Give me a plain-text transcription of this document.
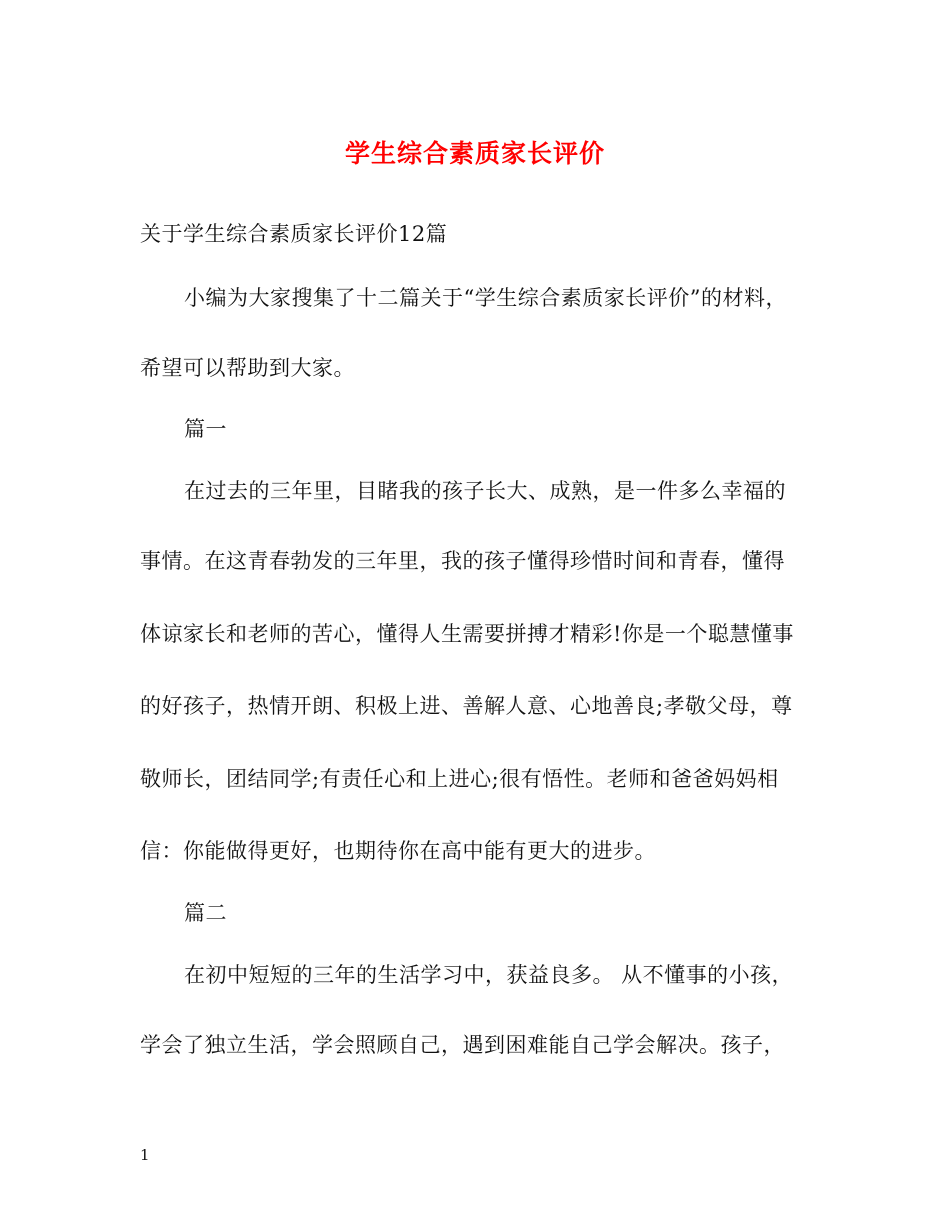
学生综合素质家长评价
关于学生综合素质家长评价12篇
小编为大家搜集了十二篇关于“学生综合素质家长评价”的材料，
希望可以帮助到大家。
篇一
在过去的三年里，目睹我的孩子长大、成熟，是一件多么幸福的
事情。在这青春勃发的三年里，我的孩子懂得珍惜时间和青春，懂得
体谅家长和老师的苦心，懂得人生需要拼搏才精彩!你是一个聪慧懂事
的好孩子，热情开朗、积极上进、善解人意、心地善良;孝敬父母，尊
敬师长，团结同学;有责任心和上进心;很有悟性。老师和爸爸妈妈相
信：你能做得更好，也期待你在高中能有更大的进步。
篇二
在初中短短的三年的生活学习中，获益良多。 从不懂事的小孩，
学会了独立生活，学会照顾自己，遇到困难能自己学会解决。孩子，
1
